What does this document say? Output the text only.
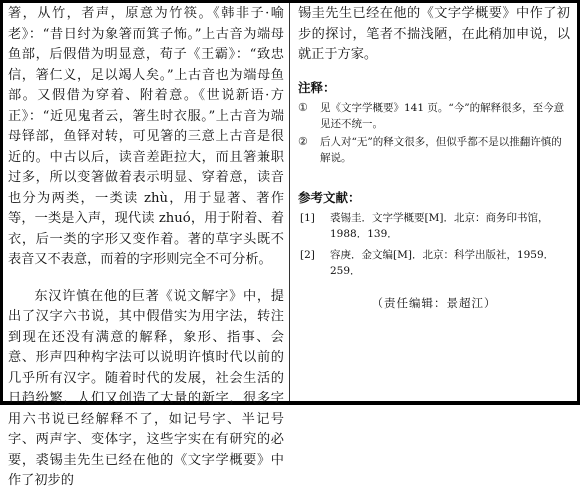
箸，从竹，者声，原意为竹筷。《韩非子·喻老》：“昔日纣为象箸而箕子怖。”上古音为端母鱼部，后假借为明显意，荀子《王霸》：“致忠信，箸仁义，足以竭人矣。”上古音也为端母鱼部。又假借为穿着、附着意。《世说新语·方正》：“近见鬼者云，箸生时衣服。”上古音为端母铎部，鱼铎对转，可见箸的三意上古音是很近的。中古以后，读音差距拉大，而且箸兼职过多，所以变箸做着表示明显、穿着意，读音也分为两类，一类读 zhù，用于显著、著作等，一类是入声，现代读 zhuó，用于附着、着衣，后一类的字形又变作着。著的草字头既不表音又不表意，而着的字形则完全不可分析。

东汉许慎在他的巨著《说文解字》中，提出了汉字六书说，其中假借实为用字法，转注到现在还没有满意的解释，象形、指事、会意、形声四种构字法可以说明许慎时代以前的几乎所有汉字。随着时代的发展，社会生活的日趋纷繁，人们又创造了大量的新字，很多字用六书说已经解释不了，如记号字、半记号字、两声字、变体字，这些字实在有研究的必要，裘锡圭先生已经在他的《文字学概要》中作了初步的

锡圭先生已经在他的《文字学概要》中作了初步的探讨，笔者不揣浅陋，在此稍加申说，以就正于方家。

注释：
① 见《文字学概要》141 页。“今”的解释很多，至今意见还不统一。
② 后人对“无”的释文很多，但似乎都不是以推翻许慎的解说。
参考文献：
[1] 裘锡圭．文字学概要[M]．北京：商务印书馆，1988．139．
[2] 容庚．金文编[M]．北京：科学出版社，1959．259．
（责任编辑：景超江）
